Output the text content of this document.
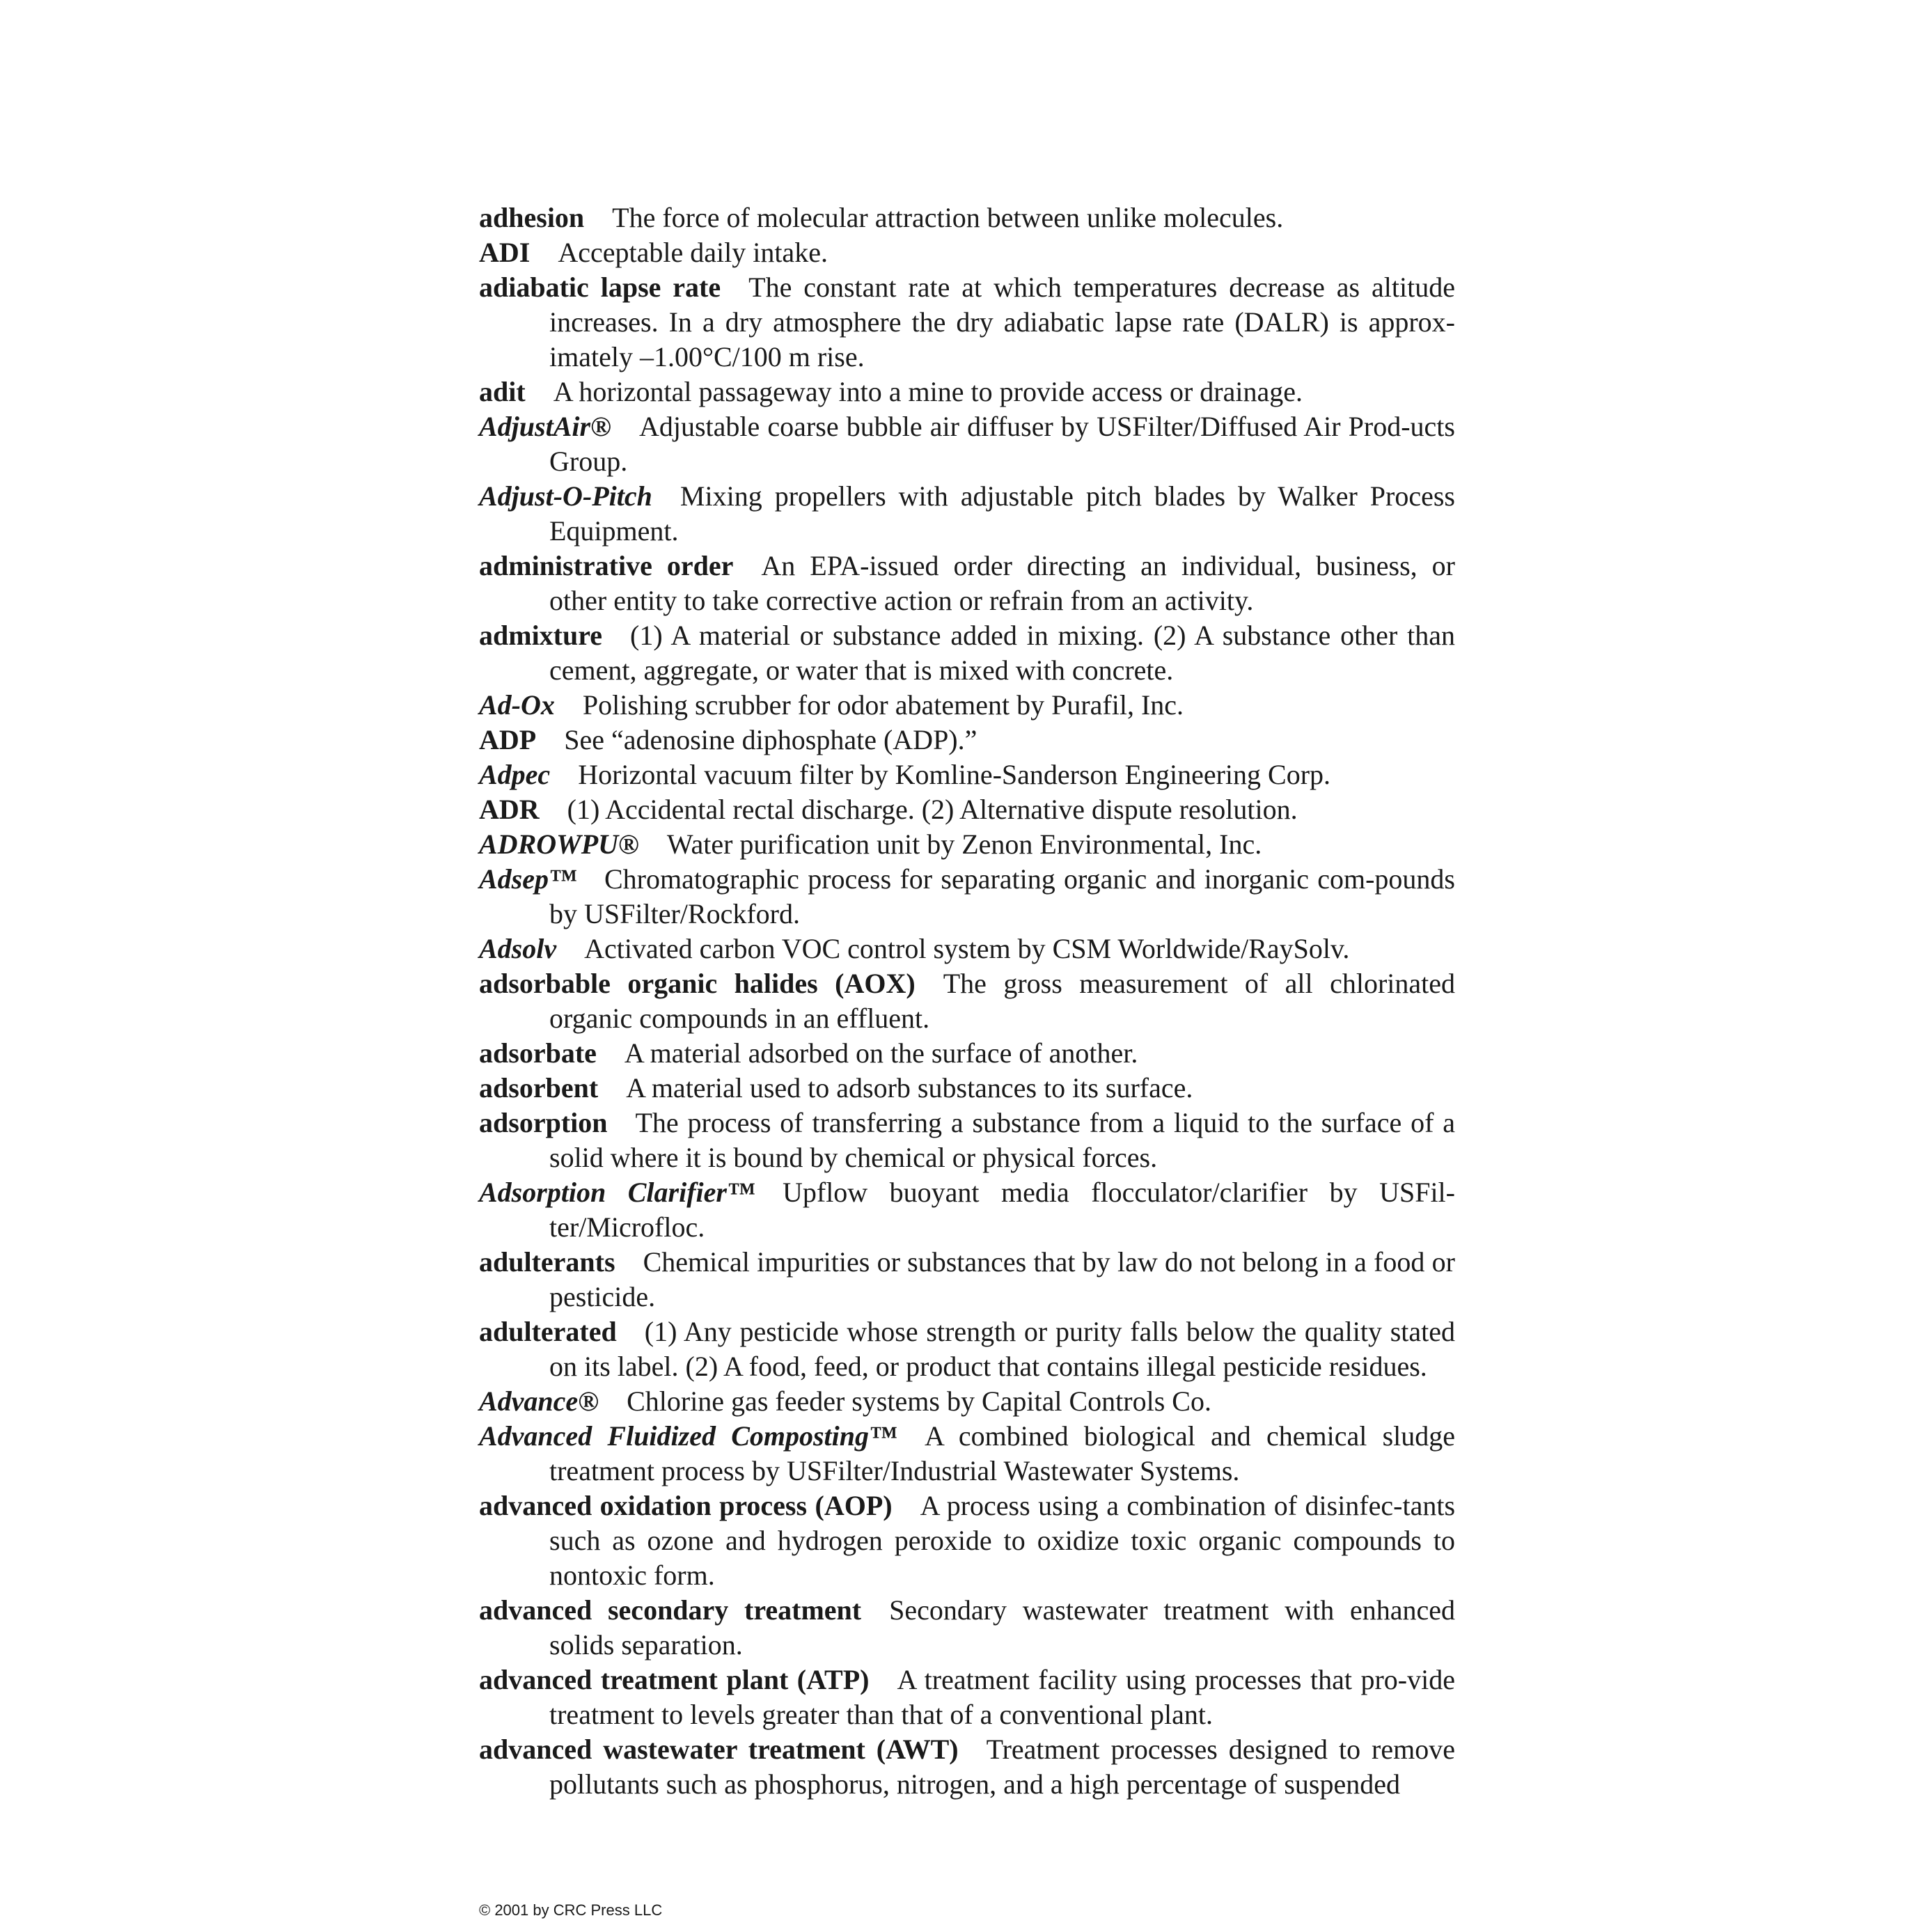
adhesion The force of molecular attraction between unlike molecules.

ADI Acceptable daily intake.

adiabatic lapse rate The constant rate at which temperatures decrease as altitude increases. In a dry atmosphere the dry adiabatic lapse rate (DALR) is approx-imately –1.00°C/100 m rise.

adit A horizontal passageway into a mine to provide access or drainage.

AdjustAir® Adjustable coarse bubble air diffuser by USFilter/Diffused Air Prod-ucts Group.

Adjust-O-Pitch Mixing propellers with adjustable pitch blades by Walker Process Equipment.

administrative order An EPA-issued order directing an individual, business, or other entity to take corrective action or refrain from an activity.

admixture (1) A material or substance added in mixing. (2) A substance other than cement, aggregate, or water that is mixed with concrete.

Ad-Ox Polishing scrubber for odor abatement by Purafil, Inc.

ADP See “adenosine diphosphate (ADP).”

Adpec Horizontal vacuum filter by Komline-Sanderson Engineering Corp.

ADR (1) Accidental rectal discharge. (2) Alternative dispute resolution.

ADROWPU® Water purification unit by Zenon Environmental, Inc.

Adsep™ Chromatographic process for separating organic and inorganic com-pounds by USFilter/Rockford.

Adsolv Activated carbon VOC control system by CSM Worldwide/RaySolv.

adsorbable organic halides (AOX) The gross measurement of all chlorinated organic compounds in an effluent.

adsorbate A material adsorbed on the surface of another.

adsorbent A material used to adsorb substances to its surface.

adsorption The process of transferring a substance from a liquid to the surface of a solid where it is bound by chemical or physical forces.

Adsorption Clarifier™ Upflow buoyant media flocculator/clarifier by USFil-ter/Microfloc.

adulterants Chemical impurities or substances that by law do not belong in a food or pesticide.

adulterated (1) Any pesticide whose strength or purity falls below the quality stated on its label. (2) A food, feed, or product that contains illegal pesticide residues.

Advance® Chlorine gas feeder systems by Capital Controls Co.

Advanced Fluidized Composting™ A combined biological and chemical sludge treatment process by USFilter/Industrial Wastewater Systems.

advanced oxidation process (AOP) A process using a combination of disinfec-tants such as ozone and hydrogen peroxide to oxidize toxic organic compounds to nontoxic form.

advanced secondary treatment Secondary wastewater treatment with enhanced solids separation.

advanced treatment plant (ATP) A treatment facility using processes that pro-vide treatment to levels greater than that of a conventional plant.

advanced wastewater treatment (AWT) Treatment processes designed to remove pollutants such as phosphorus, nitrogen, and a high percentage of suspended

© 2001 by CRC Press LLC
